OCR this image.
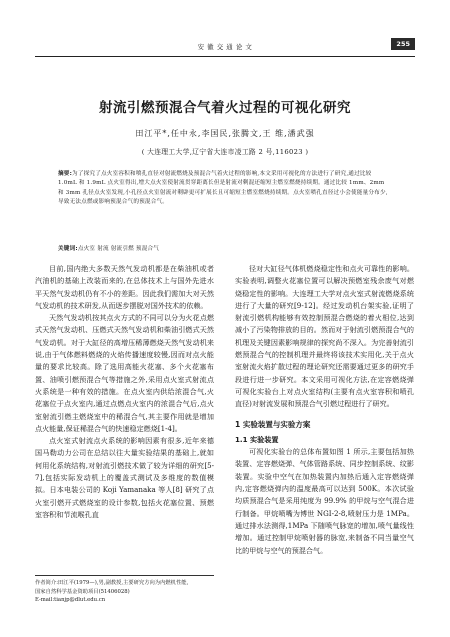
安 徽 交 通 论 文	255
射流引燃预混合气着火过程的可视化研究
田江平*,任中永,李国民,张腾文,王 维,潘武强
( 大连理工大学,辽宁省大连市凌工路 2 号,116023 )
摘要:为了探究了点火室容积和喷孔直径对射流燃烧及预混合气着火过程的影响,本文采用可视化的方法进行了研究,通过比较 1.0mL 和 1.9mL 点火室得出,增大点火室使射流贯穿距离长但是射流对剩混还缩短主燃室燃烧持续期。通过比较 1mm、2mm 和 3mm 孔径点火室发现,小孔径点火室射流对剩辟更可扩展长且可缩短主燃室燃烧持续期。点火室喷孔直径过小会使能量分布少,导致无法点燃或影响预混合气的预混合气。
关键词:点火室 射流 射流引燃 预混合气

目前,国内绝大多数天然气发动机都是在柴油机或者汽油机的基础上改装而来的,在总体技术上与国外先进水平天然气发动机仍有不小的差距。因此我们需加大对天然气发动机的技术研发,从而逐步摆脱对国外技术的依赖。

天然气发动机按其点火方式的不同可以分为火花点燃式天然气发动机、压燃式天然气发动机和柴油引燃式天然气发动机。对于大缸径的高增压稀薄燃烧天然气发动机来说,由于气体燃料燃烧的火焰传播速度较慢,因而对点火能量的要求比较高。除了选用高能火花塞、多个火花塞布置、油喷引燃预混合气等措施之外,采用点火室式射流点火系统是一种有效的措施。在点火室内供给浓混合气,火花塞位于点火室内,通过点燃点火室内的浓混合气后,点火室射流引燃主燃烧室中的稀混合气,其主要作用就是增加点火能量,保证稀混合气的快速稳定燃烧[1-4]。

点火室式射流点火系统的影响因素有很多,近年来德国马勒动力公司在总结以往大量实验结果的基础上,就如何用化系统结构,对射流引燃技术做了较为详细的研究[5-7],包括实际发动机上的覆盖式测试及多维度的数值模拟。日本电装公司的 Koji Yamanaka 等人[8] 研究了点火室引燃开式燃烧室的设计参数,包括火花塞位置、预燃室容积和节流喉孔直

径对大缸径气体机燃烧稳定性和点火可靠性的影响。实验表明,调整火花塞位置可以解决预燃室残余废气对燃烧稳定性的影响。大连理工大学对点火室式射流燃烧系统进行了大量的研究[9-12]。经过发动机台架实验,证明了射流引燃机构能够有效控制预混合燃烧的着火相位,达到减小了污染物排放的目的。然而对于射流引燃预混合气的机理及关键因素影响规律的探究尚不深入。为完善射流引燃预混合气的控制机理并最终将该技术实用化,关于点火室射流火焰扩散过程的理论研究还需要通过更多的研究手段进行进一步研究。本文采用可视化方法,在定容燃烧弹可视化实验台上对点火室结构(主要有点火室容积和喷孔直径)对射流发展和预混合气引燃过程进行了研究。

1 实验装置与实验方案
1.1 实验装置

可视化实验台的总体布置如图 1 所示,主要包括加热装置、定容燃烧弹、气体管路系统、同步控制系统、纹影装置。实验中空气在加热装置内加热后通入定容燃烧弹内,定容燃烧弹内的温度最高可以达到 500K。本次试验均质预混合气是采用纯度为 99.9% 的甲烷与空气混合进行制备。甲烷喷嘴为博世 NGI-2-8,喷射压力是 1MPa。通过排水法测得,1MPa 下随喷气脉宽的增加,喷气量线性增加。通过控制甲烷喷射器的脉宽,来制备不同当量空气比的甲烷与空气的预混合气。

作者简介:田江平(1979—),男,副教授,主要研究方向为内燃机性能,
国家自然科学基金资助项目(51406028)
E-mail:tianjp@dlut.edu.cn
